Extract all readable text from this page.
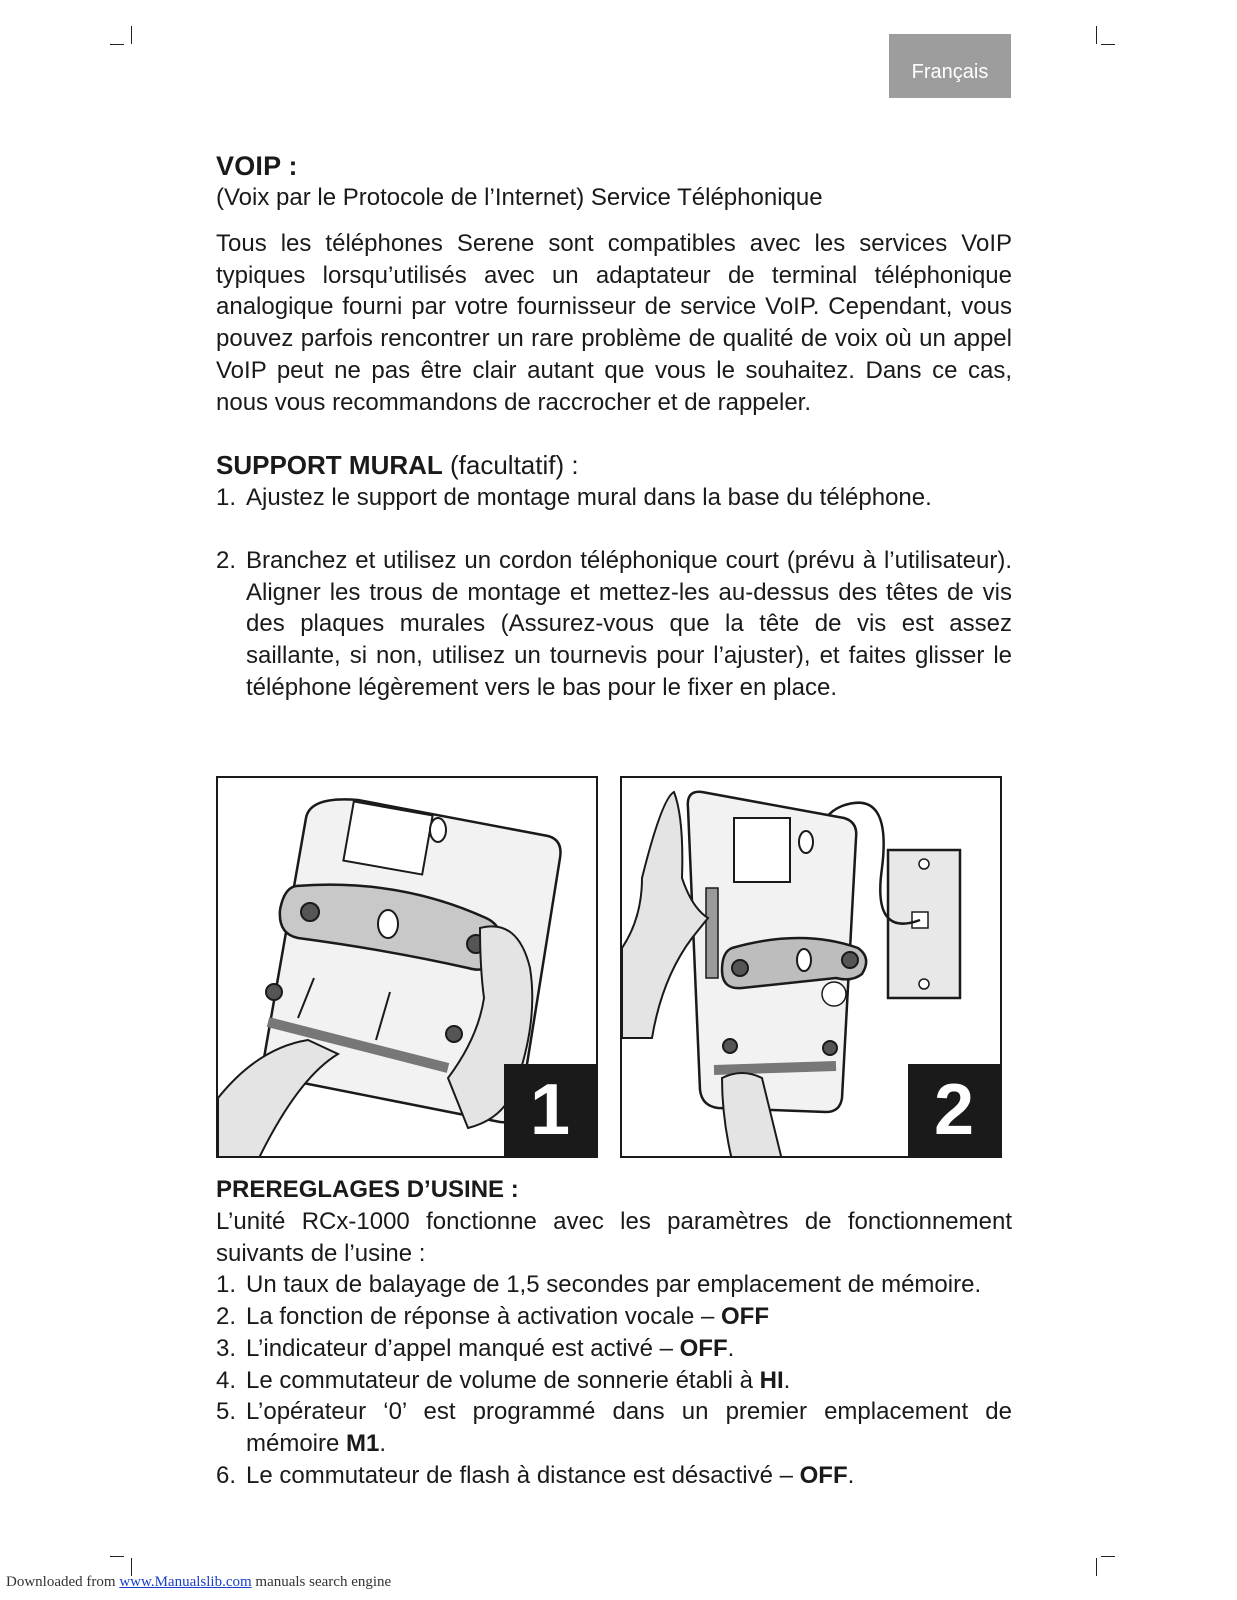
Français
VOIP :

(Voix par le Protocole de l’Internet) Service Téléphonique

Tous les téléphones Serene sont compatibles avec les services VoIP typiques lorsqu’utilisés avec un adaptateur de terminal téléphonique analogique fourni par votre fournisseur de service VoIP. Cependant, vous pouvez parfois rencontrer un rare problème de qualité de voix où un appel VoIP peut ne pas être clair autant que vous le souhaitez. Dans ce cas, nous vous recommandons de raccrocher et de rappeler.

SUPPORT MURAL (facultatif) :

1. Ajustez le support de montage mural dans la base du téléphone.
2. Branchez et utilisez un cordon téléphonique court (prévu à l’utilisateur). Aligner les trous de montage et mettez-les au-dessus des têtes de vis des plaques murales (Assurez-vous que la tête de vis est assez saillante, si non, utilisez un tournevis pour l’ajuster), et faites glisser le téléphone légèrement vers le bas pour le fixer en place.
1	2

PREREGLAGES D’USINE :

L’unité RCx-1000 fonctionne avec les paramètres de fonctionnement suivants de l’usine :

1. Un taux de balayage de 1,5 secondes par emplacement de mémoire.
2. La fonction de réponse à activation vocale – OFF
3. L’indicateur d’appel manqué est activé – OFF.
4. Le commutateur de volume de sonnerie établi à HI.
5. L’opérateur ‘0’ est programmé dans un premier emplacement de mémoire M1.
6. Le commutateur de flash à distance est désactivé – OFF.
Downloaded from www.Manualslib.com manuals search engine
